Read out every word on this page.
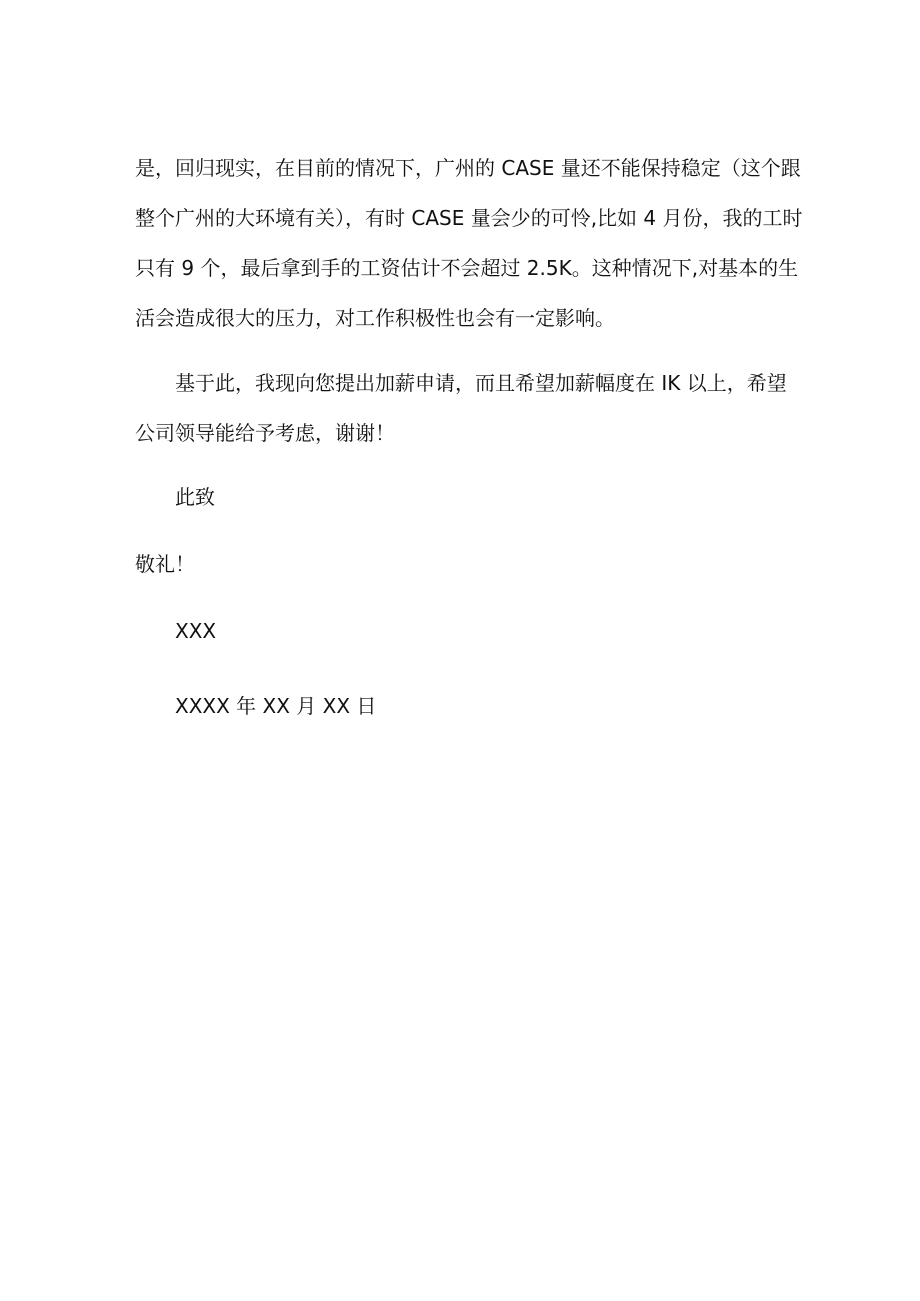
是，回归现实，在目前的情况下，广州的 CASE 量还不能保持稳定（这个跟
整个广州的大环境有关），有时 CASE 量会少的可怜,比如 4 月份，我的工时
只有 9 个，最后拿到手的工资估计不会超过 2.5K。这种情况下,对基本的生
活会造成很大的压力，对工作积极性也会有一定影响。
基于此，我现向您提出加薪申请，而且希望加薪幅度在 IK 以上，希望
公司领导能给予考虑，谢谢！
此致
敬礼！
XXX
XXXX 年 XX 月 XX 日
